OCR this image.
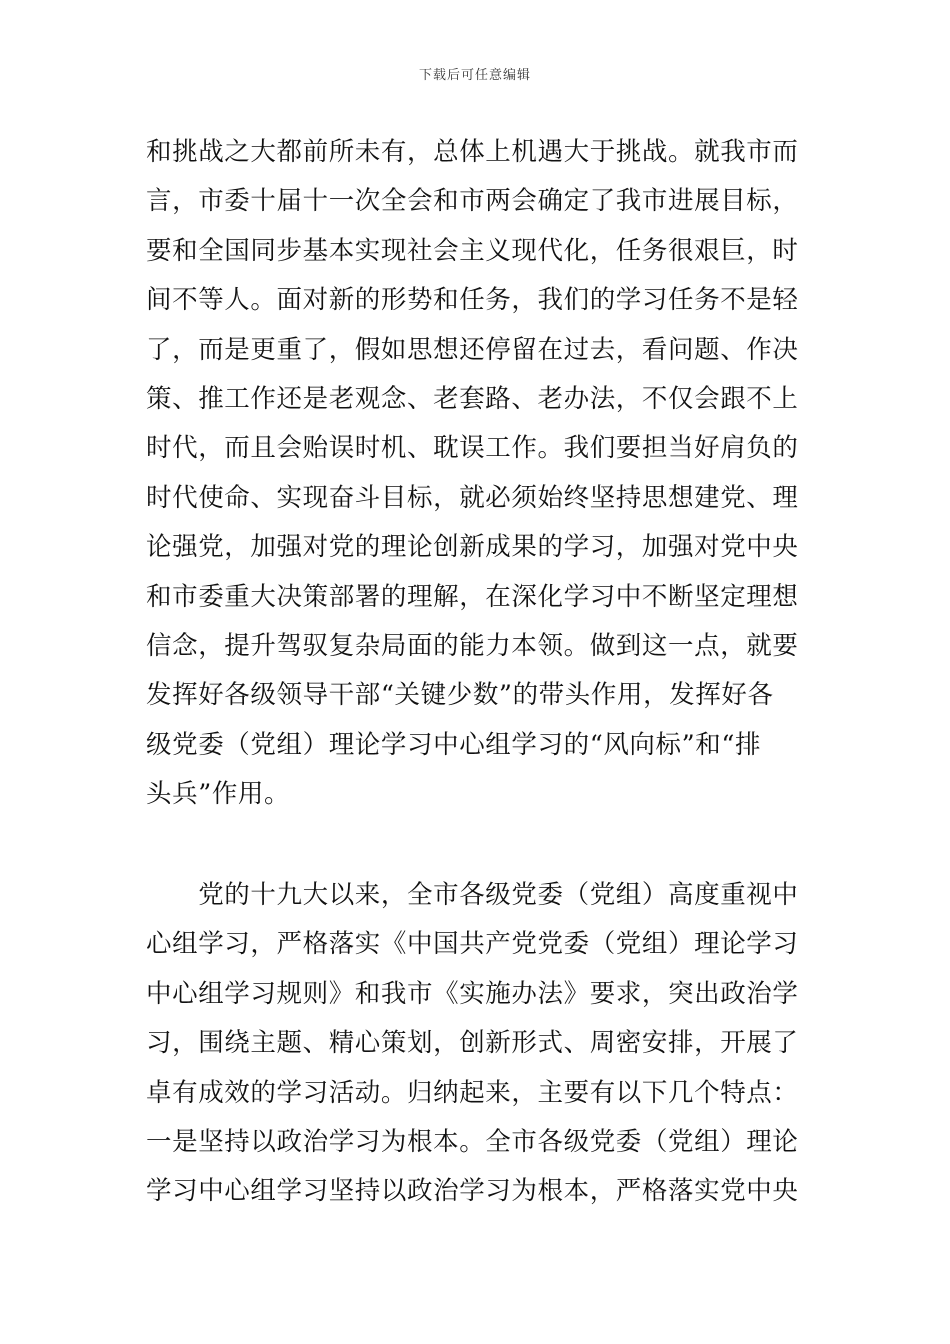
下载后可任意编辑
和挑战之大都前所未有，总体上机遇大于挑战。就我市而
言，市委十届十一次全会和市两会确定了我市进展目标，
要和全国同步基本实现社会主义现代化，任务很艰巨，时
间不等人。面对新的形势和任务，我们的学习任务不是轻
了，而是更重了，假如思想还停留在过去，看问题、作决
策、推工作还是老观念、老套路、老办法，不仅会跟不上
时代，而且会贻误时机、耽误工作。我们要担当好肩负的
时代使命、实现奋斗目标，就必须始终坚持思想建党、理
论强党，加强对党的理论创新成果的学习，加强对党中央
和市委重大决策部署的理解，在深化学习中不断坚定理想
信念，提升驾驭复杂局面的能力本领。做到这一点，就要
发挥好各级领导干部“关键少数”的带头作用，发挥好各
级党委（党组）理论学习中心组学习的“风向标”和“排
头兵”作用。
　　党的十九大以来，全市各级党委（党组）高度重视中
心组学习，严格落实《中国共产党党委（党组）理论学习
中心组学习规则》和我市《实施办法》要求，突出政治学
习，围绕主题、精心策划，创新形式、周密安排，开展了
卓有成效的学习活动。归纳起来，主要有以下几个特点：
一是坚持以政治学习为根本。全市各级党委（党组）理论
学习中心组学习坚持以政治学习为根本，严格落实党中央
